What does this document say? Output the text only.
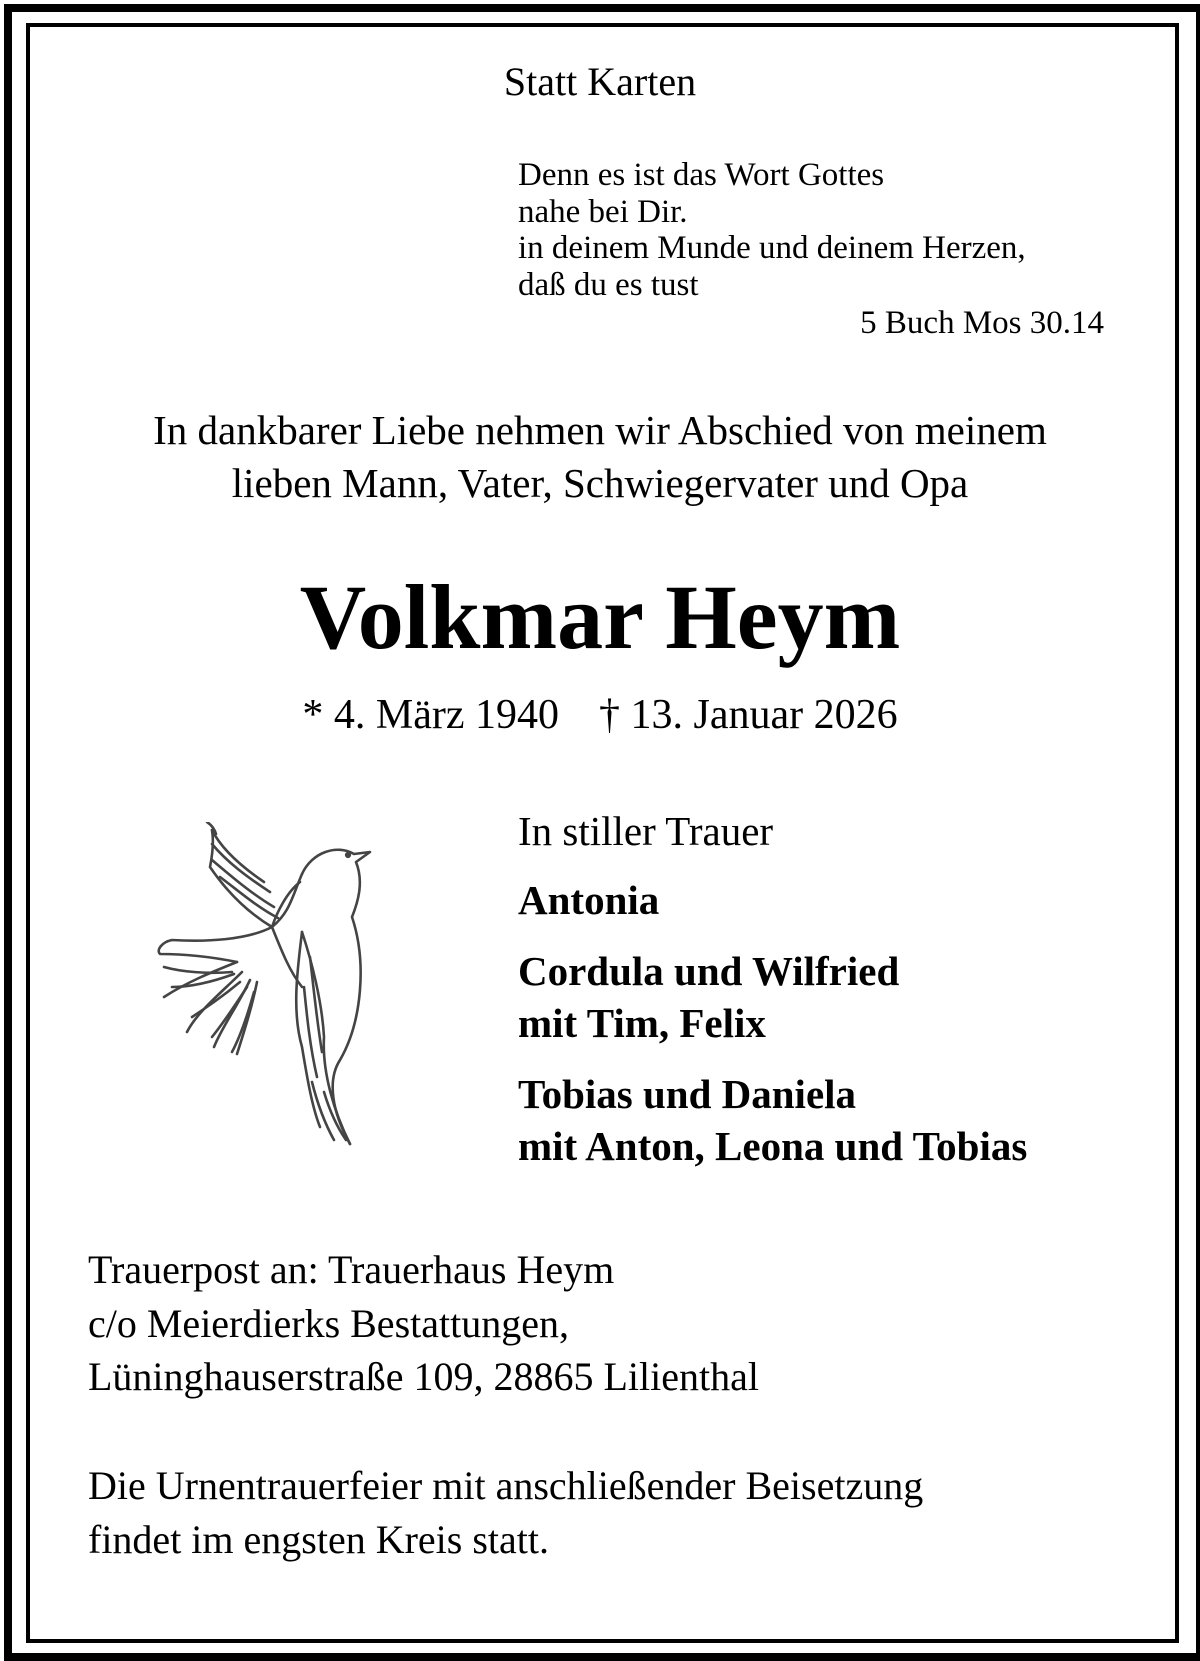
Statt Karten
Denn es ist das Wort Gottes
nahe bei Dir.
in deinem Munde und deinem Herzen,
daß du es tust
5 Buch Mos 30.14
In dankbarer Liebe nehmen wir Abschied von meinem
lieben Mann, Vater, Schwiegervater und Opa
Volkmar Heym
* 4. März 1940 † 13. Januar 2026
In stiller Trauer
Antonia
Cordula und Wilfried
mit Tim, Felix
Tobias und Daniela
mit Anton, Leona und Tobias
Trauerpost an: Trauerhaus Heym
c/o Meierdierks Bestattungen,
Lüninghauserstraße 109, 28865 Lilienthal
Die Urnentrauerfeier mit anschließender Beisetzung
findet im engsten Kreis statt.
